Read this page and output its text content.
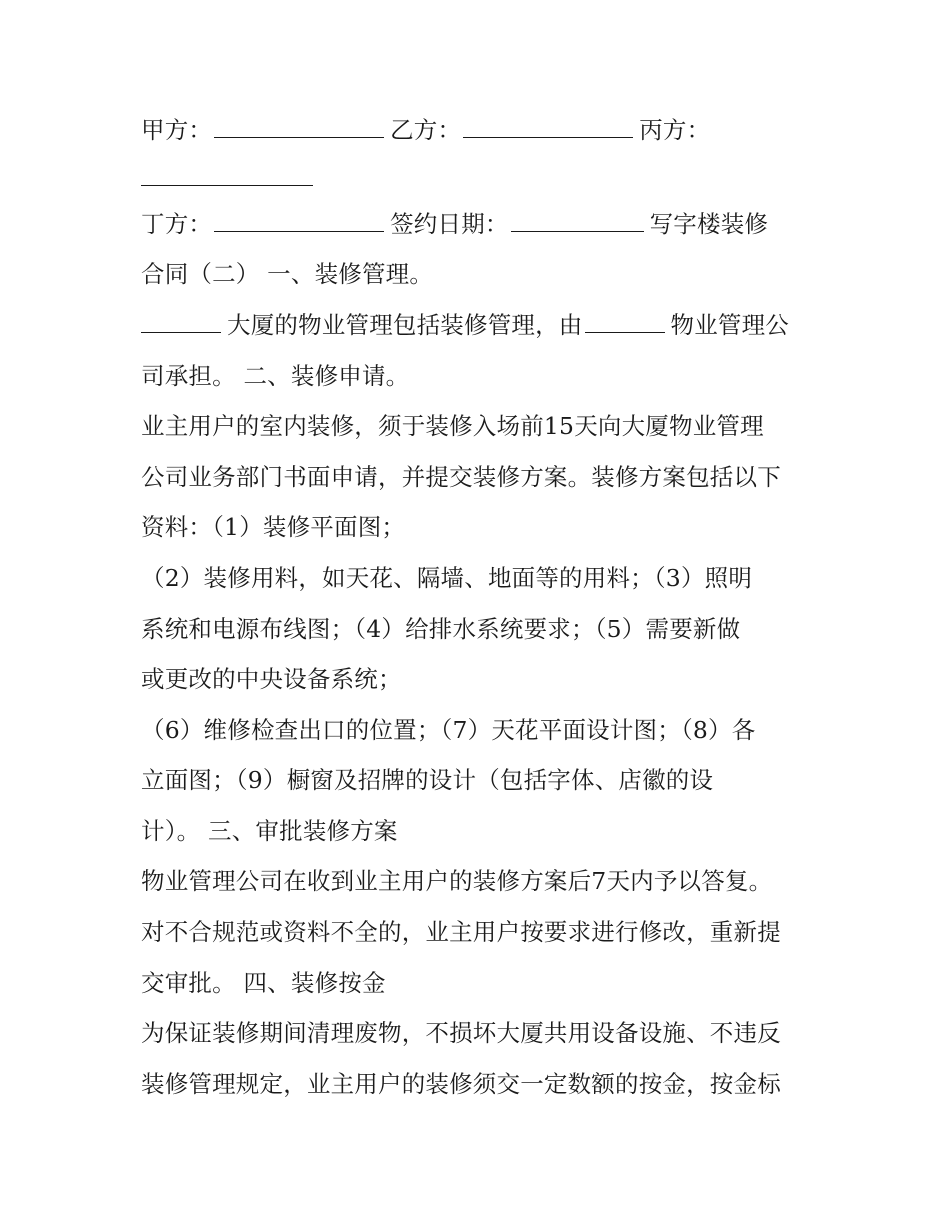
甲方：	乙方：	丙方：
丁方：	签约日期：	写字楼装修
合同（二） 一、装修管理。
大厦的物业管理包括装修管理，由	物业管理公
司承担。 二、装修申请。
业主用户的室内装修，须于装修入场前15天向大厦物业管理
公司业务部门书面申请，并提交装修方案。装修方案包括以下
资料：（1）装修平面图；
（2）装修用料，如天花、隔墙、地面等的用料；（3）照明
系统和电源布线图；（4）给排水系统要求；（5）需要新做
或更改的中央设备系统；
（6）维修检查出口的位置；（7）天花平面设计图；（8）各
立面图；（9）橱窗及招牌的设计（包括字体、店徽的设
计）。 三、审批装修方案
物业管理公司在收到业主用户的装修方案后7天内予以答复。
对不合规范或资料不全的，业主用户按要求进行修改，重新提
交审批。 四、装修按金
为保证装修期间清理废物，不损坏大厦共用设备设施、不违反
装修管理规定，业主用户的装修须交一定数额的按金，按金标
